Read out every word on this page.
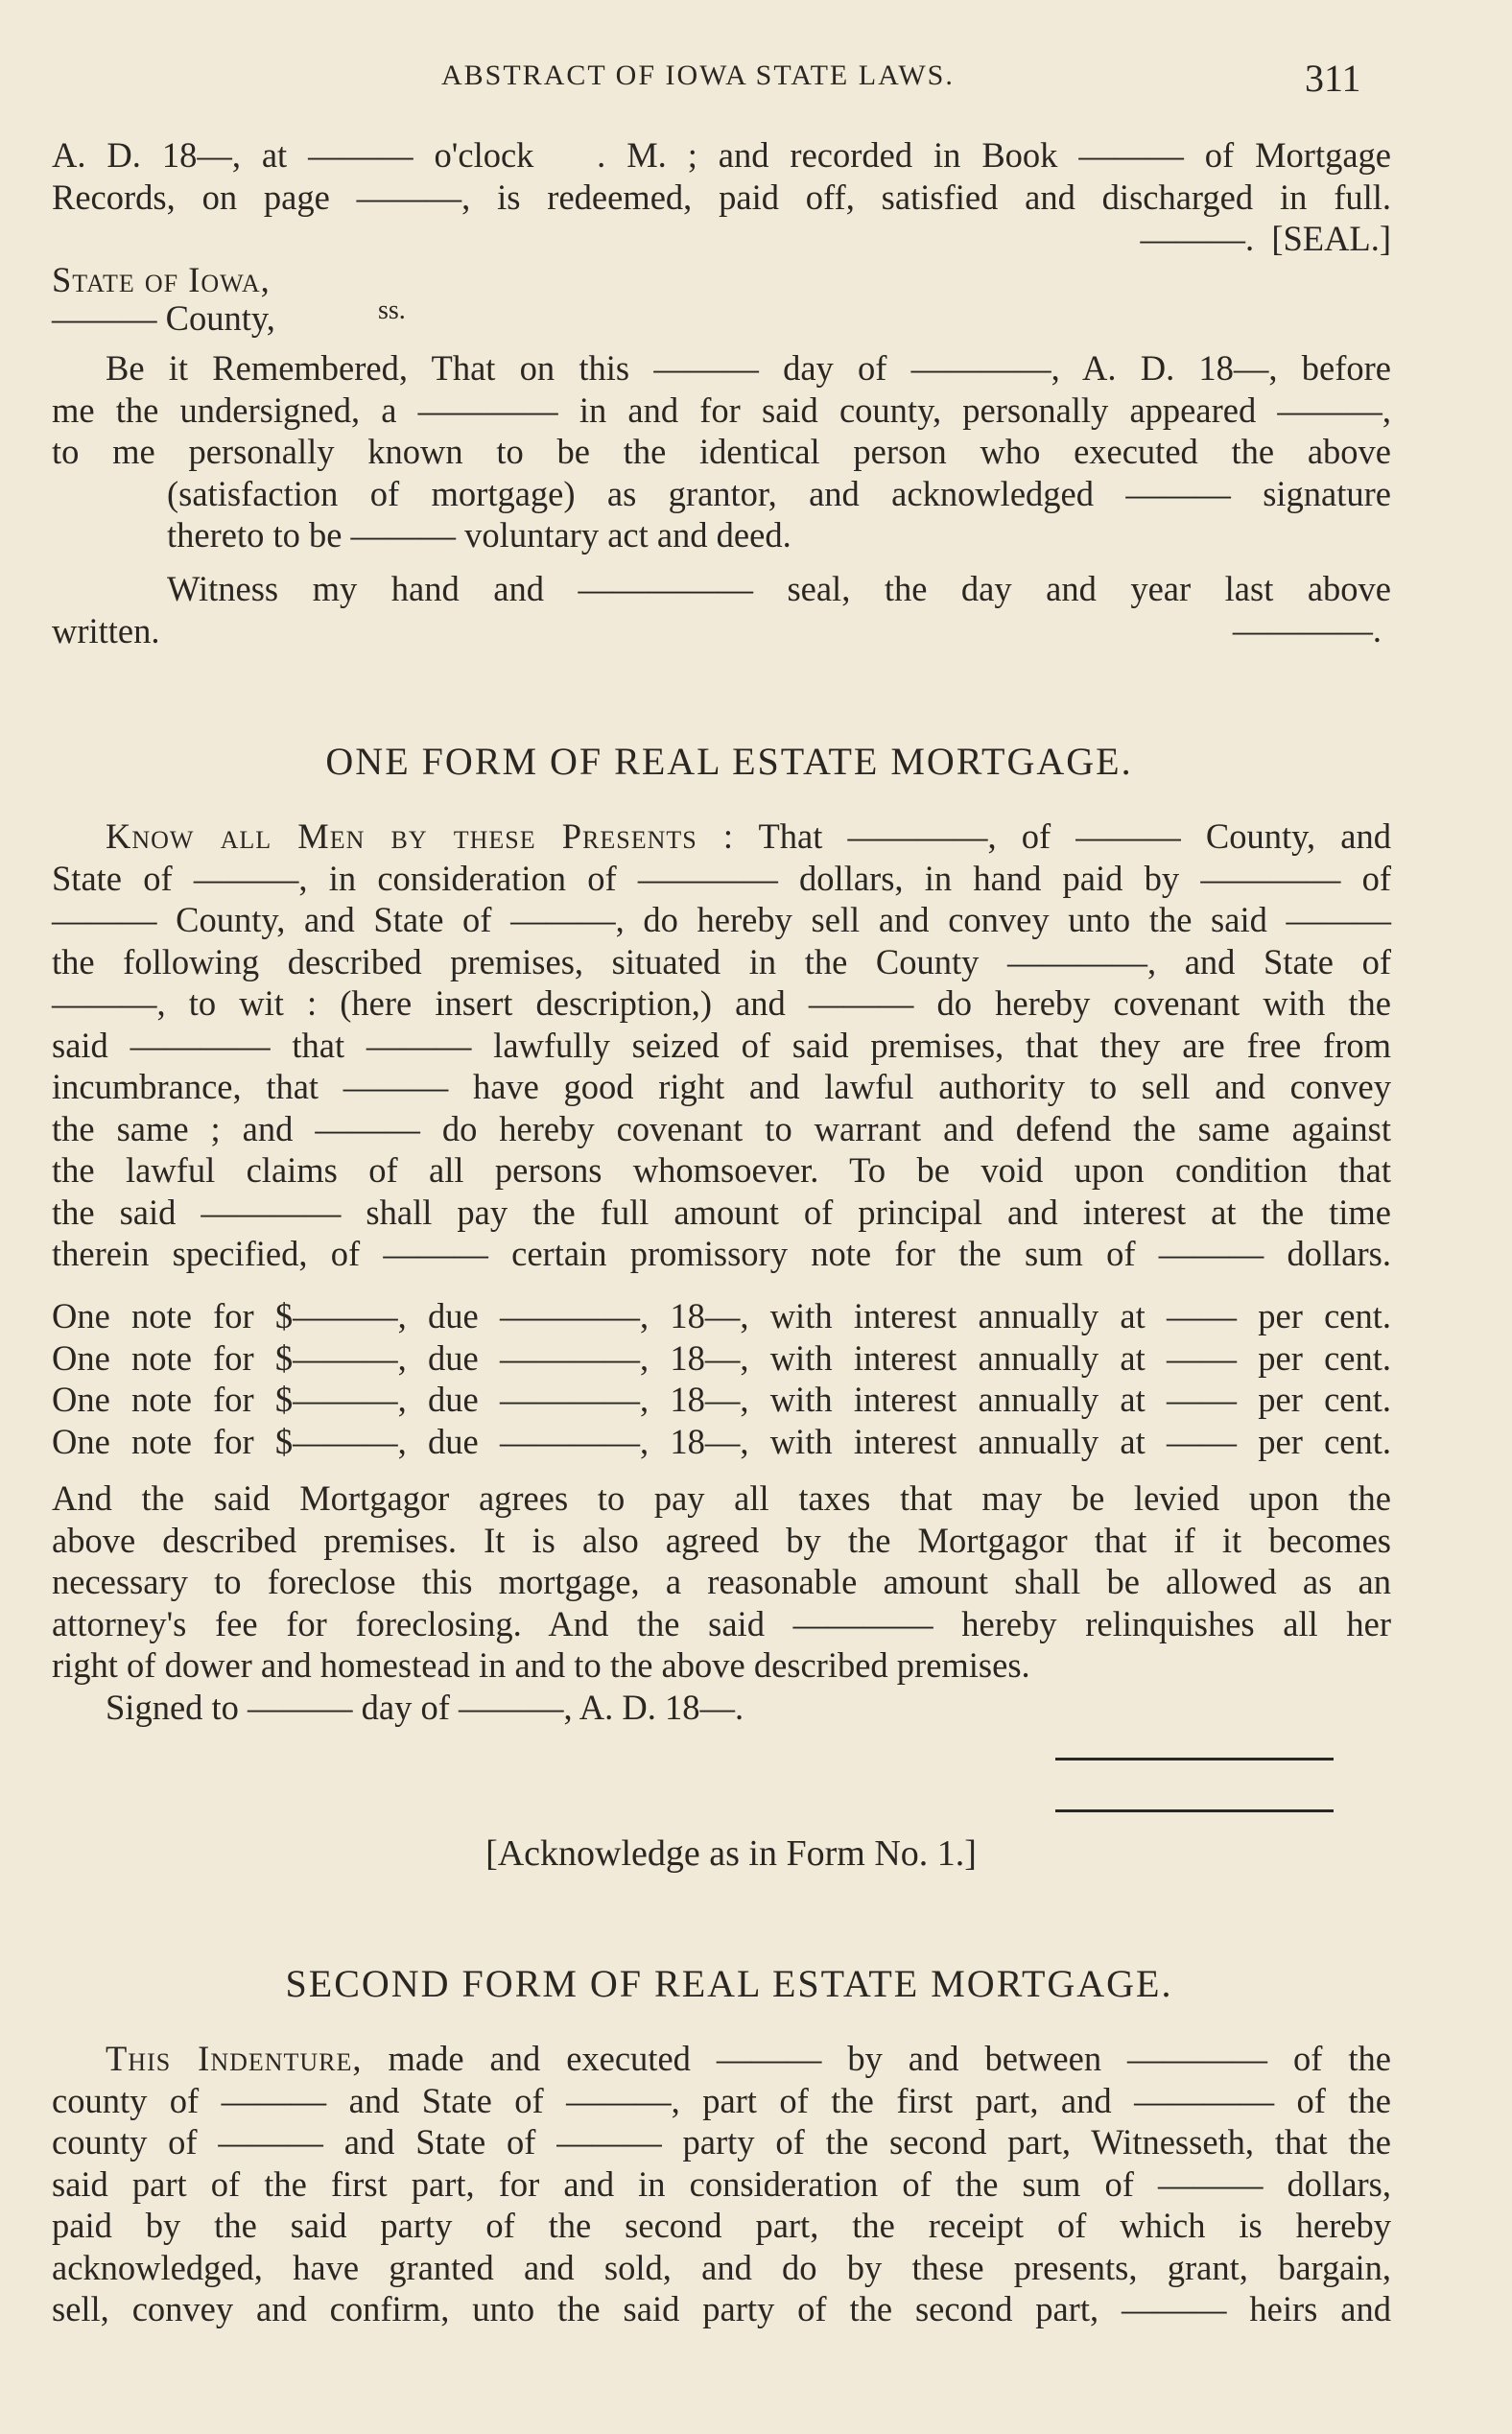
ABSTRACT OF IOWA STATE LAWS.	311
A. D. 18—, at ——— o'clock   . M. ; and recorded in Book ——— of Mortgage
Records, on page ———, is redeemed, paid off, satisfied and discharged in full.
———.  [SEAL.]
State of Iowa,
——— County,	ss.
Be it Remembered, That on this ——— day of ————, A. D. 18—, before
me the undersigned, a ———— in and for said county, personally appeared ———,
to me personally known to be the identical person who executed the above
(satisfaction of mortgage) as grantor, and acknowledged ——— signature
thereto to be ——— voluntary act and deed.
Witness my hand and ————— seal, the day and year last above
written.	————.
ONE FORM OF REAL ESTATE MORTGAGE.
Know all Men by these Presents : That ————, of ——— County, and
State of ———, in consideration of ———— dollars, in hand paid by ———— of
——— County, and State of ———, do hereby sell and convey unto the said ———
the following described premises, situated in the County ————, and State of
———, to wit : (here insert description,) and ——— do hereby covenant with the
said ———— that ——— lawfully seized of said premises, that they are free from
incumbrance, that ——— have good right and lawful authority to sell and convey
the same ; and ——— do hereby covenant to warrant and defend the same against
the lawful claims of all persons whomsoever. To be void upon condition that
the said ———— shall pay the full amount of principal and interest at the time
therein specified, of ——— certain promissory note for the sum of ——— dollars.
One note for $———, due ————, 18—, with interest annually at —— per cent.
One note for $———, due ————, 18—, with interest annually at —— per cent.
One note for $———, due ————, 18—, with interest annually at —— per cent.
One note for $———, due ————, 18—, with interest annually at —— per cent.
And the said Mortgagor agrees to pay all taxes that may be levied upon the
above described premises. It is also agreed by the Mortgagor that if it becomes
necessary to foreclose this mortgage, a reasonable amount shall be allowed as an
attorney's fee for foreclosing. And the said ———— hereby relinquishes all her
right of dower and homestead in and to the above described premises.
Signed to ——— day of ———, A. D. 18—.
[Acknowledge as in Form No. 1.]
SECOND FORM OF REAL ESTATE MORTGAGE.
This Indenture, made and executed ——— by and between ———— of the
county of ——— and State of ———, part of the first part, and ———— of the
county of ——— and State of ——— party of the second part, Witnesseth, that the
said part of the first part, for and in consideration of the sum of ——— dollars,
paid by the said party of the second part, the receipt of which is hereby
acknowledged, have granted and sold, and do by these presents, grant, bargain,
sell, convey and confirm, unto the said party of the second part, ——— heirs and
